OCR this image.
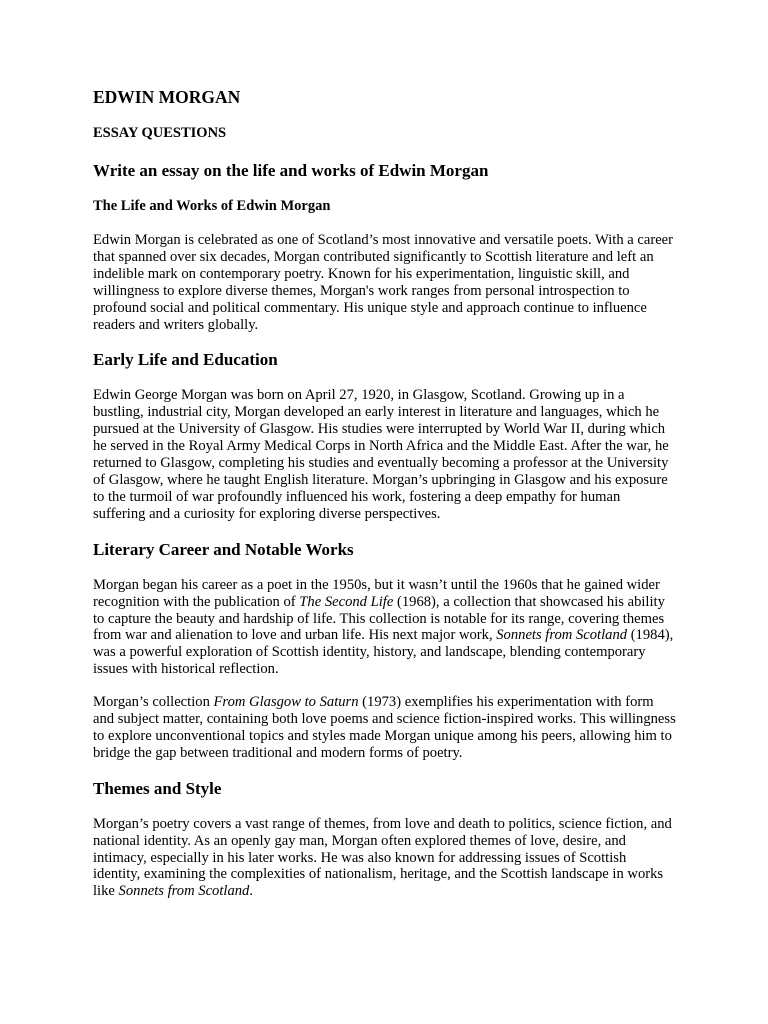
EDWIN MORGAN
ESSAY QUESTIONS
Write an essay on the life and works of Edwin Morgan
The Life and Works of Edwin Morgan

Edwin Morgan is celebrated as one of Scotland’s most innovative and versatile poets. With a career that spanned over six decades, Morgan contributed significantly to Scottish literature and left an indelible mark on contemporary poetry. Known for his experimentation, linguistic skill, and willingness to explore diverse themes, Morgan's work ranges from personal introspection to profound social and political commentary. His unique style and approach continue to influence readers and writers globally.

Early Life and Education

Edwin George Morgan was born on April 27, 1920, in Glasgow, Scotland. Growing up in a bustling, industrial city, Morgan developed an early interest in literature and languages, which he pursued at the University of Glasgow. His studies were interrupted by World War II, during which he served in the Royal Army Medical Corps in North Africa and the Middle East. After the war, he returned to Glasgow, completing his studies and eventually becoming a professor at the University of Glasgow, where he taught English literature. Morgan’s upbringing in Glasgow and his exposure to the turmoil of war profoundly influenced his work, fostering a deep empathy for human suffering and a curiosity for exploring diverse perspectives.

Literary Career and Notable Works

Morgan began his career as a poet in the 1950s, but it wasn’t until the 1960s that he gained wider recognition with the publication of The Second Life (1968), a collection that showcased his ability to capture the beauty and hardship of life. This collection is notable for its range, covering themes from war and alienation to love and urban life. His next major work, Sonnets from Scotland (1984), was a powerful exploration of Scottish identity, history, and landscape, blending contemporary issues with historical reflection.

Morgan’s collection From Glasgow to Saturn (1973) exemplifies his experimentation with form and subject matter, containing both love poems and science fiction-inspired works. This willingness to explore unconventional topics and styles made Morgan unique among his peers, allowing him to bridge the gap between traditional and modern forms of poetry.

Themes and Style

Morgan’s poetry covers a vast range of themes, from love and death to politics, science fiction, and national identity. As an openly gay man, Morgan often explored themes of love, desire, and intimacy, especially in his later works. He was also known for addressing issues of Scottish identity, examining the complexities of nationalism, heritage, and the Scottish landscape in works like Sonnets from Scotland.
